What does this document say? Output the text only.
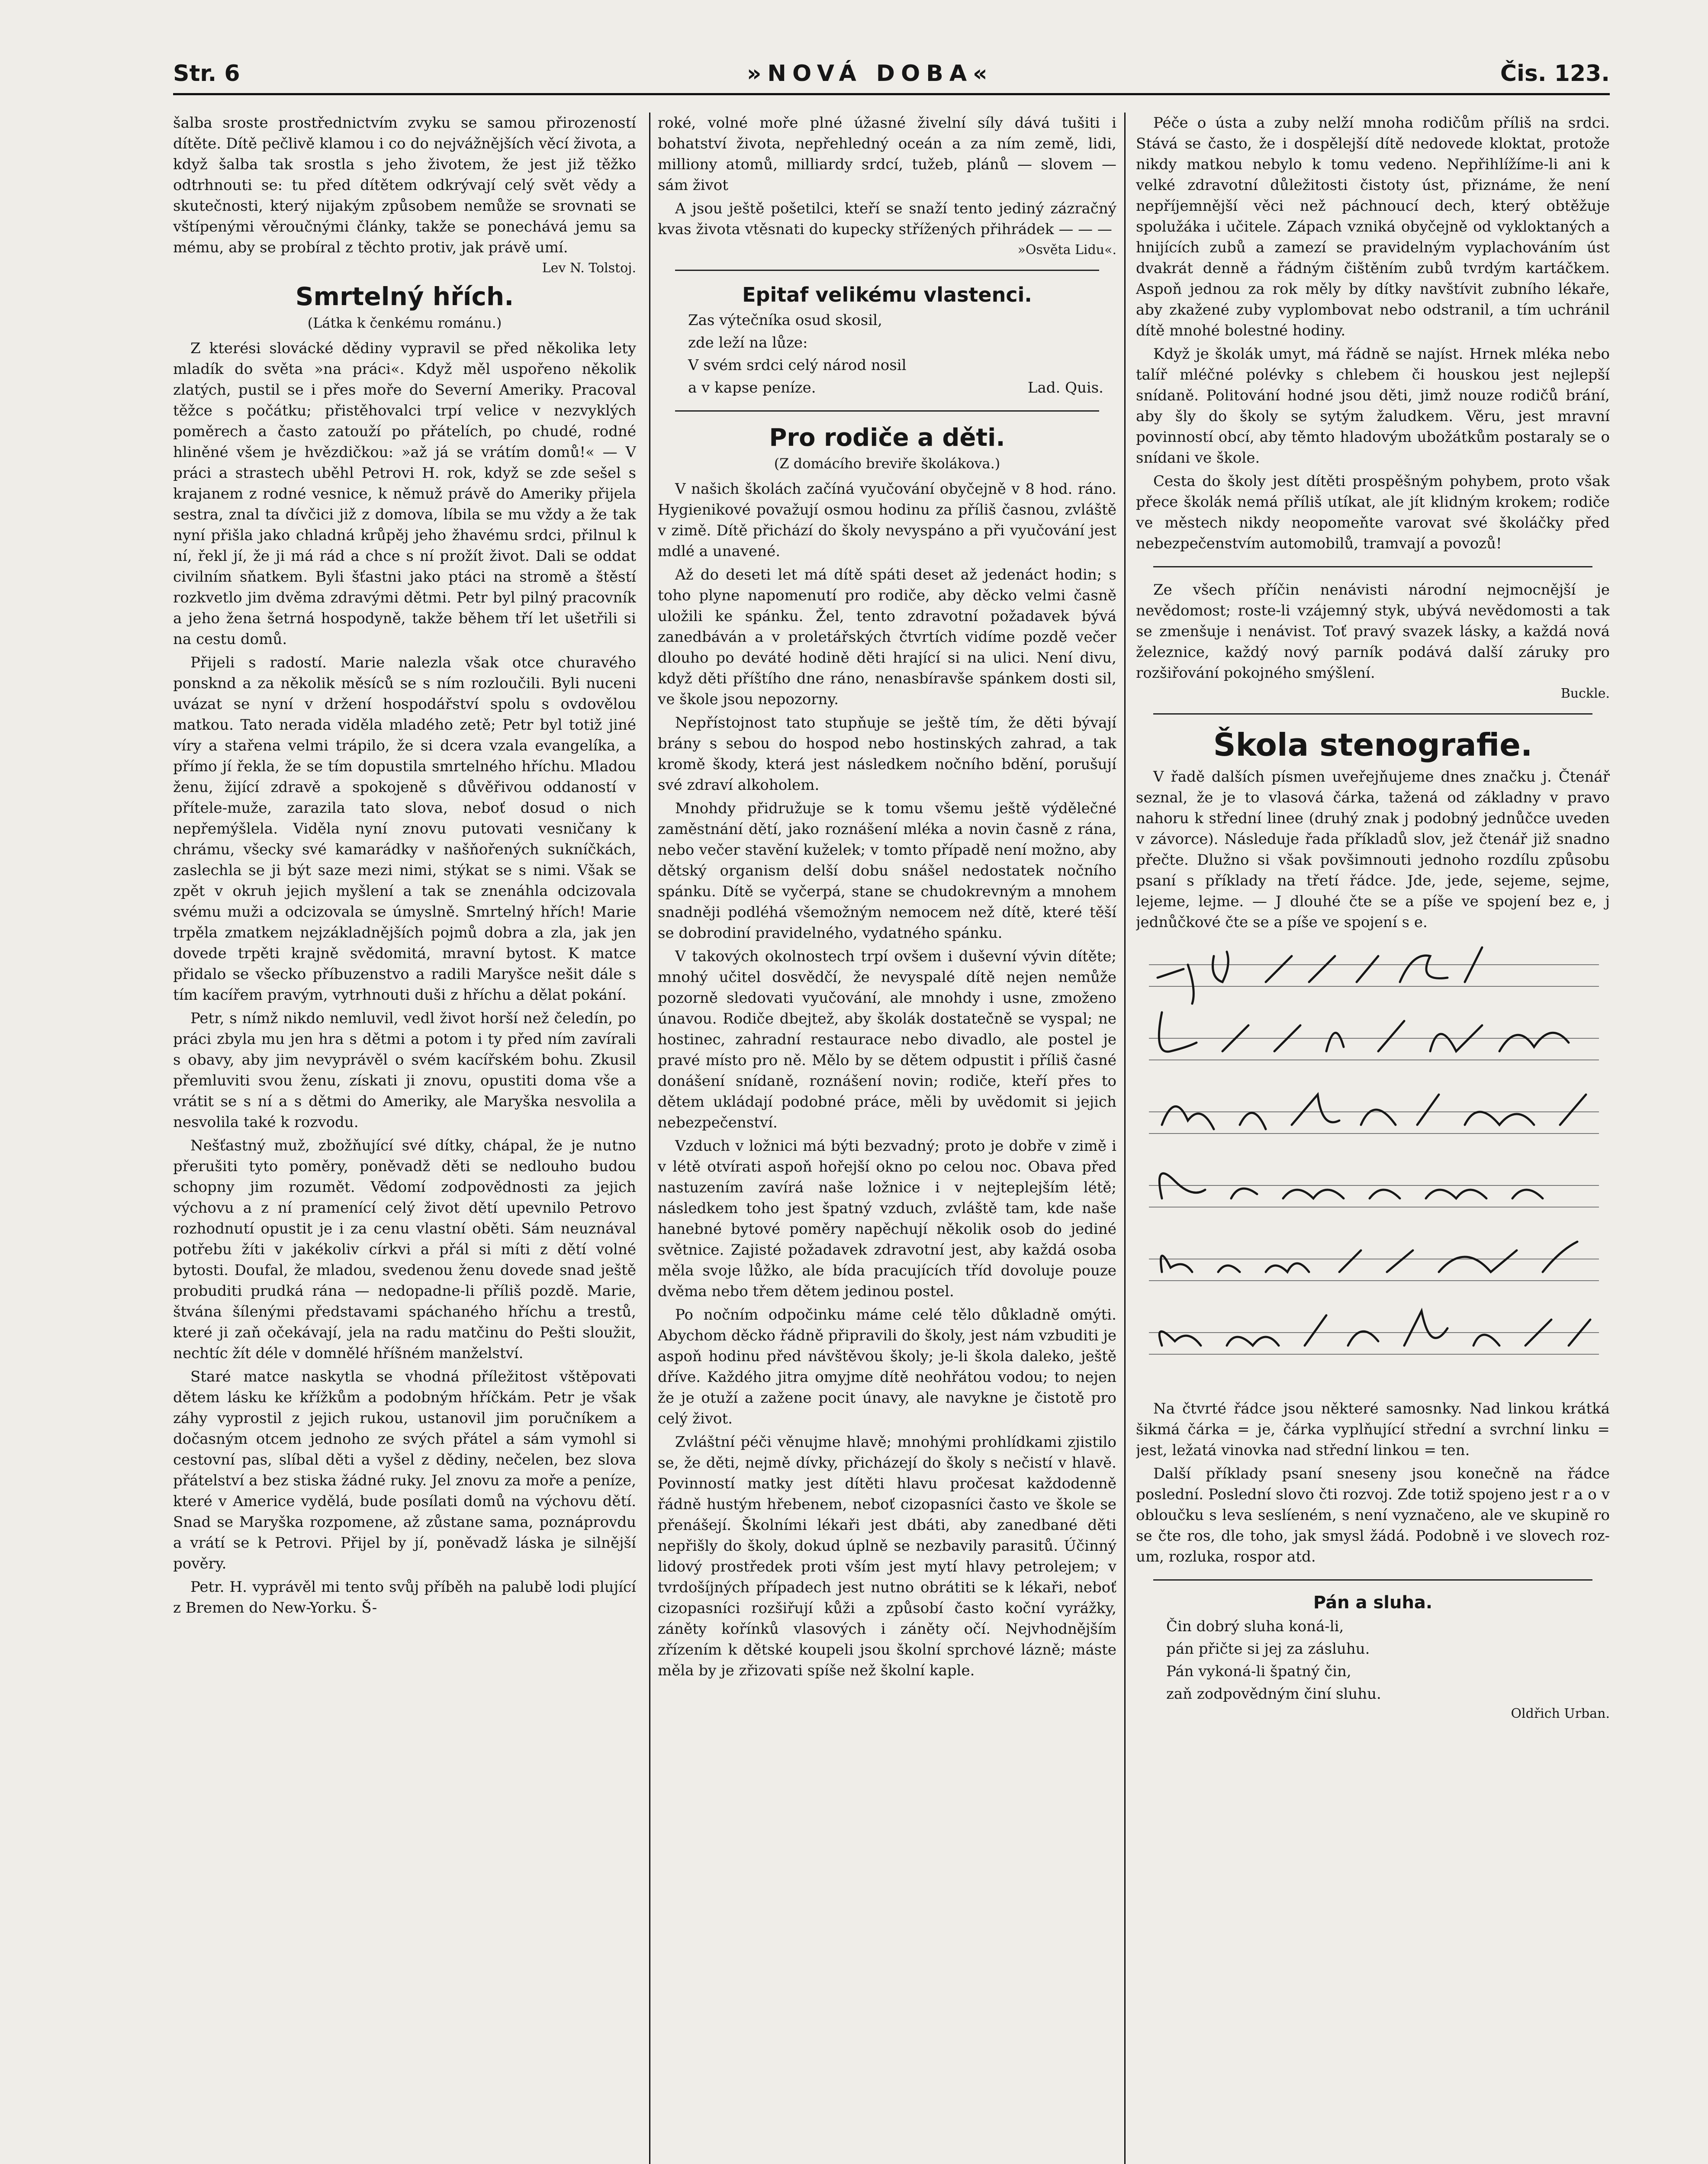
Str. 6	»NOVÁ DOBA«	Čis. 123.

šalba sroste prostřednictvím zvyku se samou přirozeností dítěte. Dítě pečlivě klamou i co do nejvážnějších věcí života, a když šalba tak srostla s jeho životem, že jest již těžko odtrhnouti se: tu před dítětem odkrývají celý svět vědy a skutečnosti, který nijakým způsobem nemůže se srovnati se vštípenými věroučnými články, takže se ponechává jemu sa mému, aby se probíral z těchto protiv, jak právě umí.

Lev N. Tolstoj.
Smrtelný hřích.
(Látka k čenkému románu.)

Z kterési slovácké dědiny vypravil se před několika lety mladík do světa »na práci«. Když měl uspořeno několik zlatých, pustil se i přes moře do Severní Ameriky. Pracoval těžce s počátku; přistěhovalci trpí velice v nezvyklých poměrech a často zatouží po přátelích, po chudé, rodné hliněné všem je hvězdičkou: »až já se vrátím domů!« — V práci a strastech uběhl Petrovi H. rok, když se zde sešel s krajanem z rodné vesnice, k němuž právě do Ameriky přijela sestra, znal ta dívčici již z domova, líbila se mu vždy a že tak nyní přišla jako chladná krůpěj jeho žhavému srdci, přilnul k ní, řekl jí, že ji má rád a chce s ní prožít život. Dali se oddat civilním sňatkem. Byli šťastni jako ptáci na stromě a štěstí rozkvetlo jim dvěma zdravými dětmi. Petr byl pilný pracovník a jeho žena šetrná hospodyně, takže během tří let ušetřili si na cestu domů.

Přijeli s radostí. Marie nalezla však otce churavého ponsknd a za několik měsíců se s ním rozloučili. Byli nuceni uvázat se nyní v držení hospodářství spolu s ovdovělou matkou. Tato nerada viděla mladého zetě; Petr byl totiž jiné víry a stařena velmi trápilo, že si dcera vzala evangelíka, a přímo jí řekla, že se tím dopustila smrtelného hříchu. Mladou ženu, žijící zdravě a spokojeně s důvěřivou oddaností v přítele-muže, zarazila tato slova, neboť dosud o nich nepřemýšlela. Viděla nyní znovu putovati vesničany k chrámu, všecky své kamarádky v našňořených sukníčkách, zaslechla se ji být saze mezi nimi, stýkat se s nimi. Však se zpět v okruh jejich myšlení a tak se znenáhla odcizovala svému muži a odcizovala se úmyslně. Smrtelný hřích! Marie trpěla zmatkem nejzákladnějších pojmů dobra a zla, jak jen dovede trpěti krajně svědomitá, mravní bytost. K matce přidalo se všecko příbuzenstvo a radili Maryšce nešit dále s tím kacířem pravým, vytrhnouti duši z hříchu a dělat pokání.

Petr, s nímž nikdo nemluvil, vedl život horší než čeledín, po práci zbyla mu jen hra s dětmi a potom i ty před ním zavírali s obavy, aby jim nevyprávěl o svém kacířském bohu. Zkusil přemluviti svou ženu, získati ji znovu, opustiti doma vše a vrátit se s ní a s dětmi do Ameriky, ale Maryška nesvolila a nesvolila také k rozvodu.

Nešťastný muž, zbožňující své dítky, chápal, že je nutno přerušiti tyto poměry, poněvadž děti se nedlouho budou schopny jim rozumět. Vědomí zodpovědnosti za jejich výchovu a z ní pramenící celý život dětí upevnilo Petrovo rozhodnutí opustit je i za cenu vlastní oběti. Sám neuznával potřebu žíti v jakékoliv církvi a přál si míti z dětí volné bytosti. Doufal, že mladou, svedenou ženu dovede snad ještě probuditi prudká rána — nedopadne-li příliš pozdě. Marie, štvána šílenými představami spáchaného hříchu a trestů, které ji zaň očekávají, jela na radu matčinu do Pešti sloužit, nechtíc žít déle v domnělé hříšném manželství.

Staré matce naskytla se vhodná příležitost vštěpovati dětem lásku ke křížkům a podobným hříčkám. Petr je však záhy vyprostil z jejich rukou, ustanovil jim poručníkem a dočasným otcem jednoho ze svých přátel a sám vymohl si cestovní pas, slíbal děti a vyšel z dědiny, nečelen, bez slova přátelství a bez stiska žádné ruky. Jel znovu za moře a peníze, které v Americe vydělá, bude posílati domů na výchovu dětí. Snad se Maryška rozpomene, až zůstane sama, poznáprovdu a vrátí se k Petrovi. Přijel by jí, poněvadž láska je silnější pověry.

Petr. H. vyprávěl mi tento svůj příběh na palubě lodi plující z Bremen do New-Yorku. Š-

roké, volné moře plné úžasné živelní síly dává tušiti i bohatství života, nepřehledný oceán a za ním země, lidi, milliony atomů, milliardy srdcí, tužeb, plánů — slovem — sám život

A jsou ještě pošetilci, kteří se snaží tento jediný zázračný kvas života vtěsnati do kupecky střížených přihrádek — — —

»Osvěta Lidu«.
Epitaf velikému vlastenci.
Zas výtečníka osud skosil,
zde leží na lůze:
V svém srdci celý národ nosil
a v kapse peníze.	Lad. Quis.
Pro rodiče a děti.
(Z domácího breviře školákova.)

V našich školách začíná vyučování obyčejně v 8 hod. ráno. Hygienikové považují osmou hodinu za příliš časnou, zvláště v zimě. Dítě přichází do školy nevyspáno a při vyučování jest mdlé a unavené.

Až do deseti let má dítě spáti deset až jedenáct hodin; s toho plyne napomenutí pro rodiče, aby děcko velmi časně uložili ke spánku. Žel, tento zdravotní požadavek bývá zanedbáván a v proletářských čtvrtích vidíme pozdě večer dlouho po deváté hodině děti hrající si na ulici. Není divu, když děti příštího dne ráno, nenasbíravše spánkem dosti sil, ve škole jsou nepozorny.

Nepřístojnost tato stupňuje se ještě tím, že děti bývají brány s sebou do hospod nebo hostinských zahrad, a tak kromě škody, která jest následkem nočního bdění, porušují své zdraví alkoholem.

Mnohdy přidružuje se k tomu všemu ještě výdělečné zaměstnání dětí, jako roznášení mléka a novin časně z rána, nebo večer stavění kuželek; v tomto případě není možno, aby dětský organism delší dobu snášel nedostatek nočního spánku. Dítě se vyčerpá, stane se chudokrevným a mnohem snadněji podléhá všemožným nemocem než dítě, které těší se dobrodiní pravidelného, vydatného spánku.

V takových okolnostech trpí ovšem i duševní vývin dítěte; mnohý učitel dosvědčí, že nevyspalé dítě nejen nemůže pozorně sledovati vyučování, ale mnohdy i usne, zmoženo únavou. Rodiče dbejtež, aby školák dostatečně se vyspal; ne hostinec, zahradní restaurace nebo divadlo, ale postel je pravé místo pro ně. Mělo by se dětem odpustit i příliš časné donášení snídaně, roznášení novin; rodiče, kteří přes to dětem ukládají podobné práce, měli by uvědomit si jejich nebezpečenství.

Vzduch v ložnici má býti bezvadný; proto je dobře v zimě i v létě otvírati aspoň hořejší okno po celou noc. Obava před nastuzením zavírá naše ložnice i v nejteplejším létě; následkem toho jest špatný vzduch, zvláště tam, kde naše hanebné bytové poměry napěchují několik osob do jediné světnice. Zajisté požadavek zdravotní jest, aby každá osoba měla svoje lůžko, ale bída pracujících tříd dovoluje pouze dvěma nebo třem dětem jedinou postel.

Po nočním odpočinku máme celé tělo důkladně omýti. Abychom děcko řádně připravili do školy, jest nám vzbuditi je aspoň hodinu před návštěvou školy; je-li škola daleko, ještě dříve. Každého jitra omyjme dítě neohřátou vodou; to nejen že je otuží a zažene pocit únavy, ale navykne je čistotě pro celý život.

Zvláštní péči věnujme hlavě; mnohými prohlídkami zjistilo se, že děti, nejmě dívky, přicházejí do školy s nečistí v hlavě. Povinností matky jest dítěti hlavu pročesat každodenně řádně hustým hřebenem, neboť cizopasníci často ve škole se přenášejí. Školními lékaři jest dbáti, aby zanedbané děti nepřišly do školy, dokud úplně se nezbavily parasitů. Účinný lidový prostředek proti vším jest mytí hlavy petrolejem; v tvrdošíjných případech jest nutno obrátiti se k lékaři, neboť cizopasníci rozšiřují kůži a způsobí často koční vyrážky, záněty kořínků vlasových i záněty očí. Nejvhodnějším zřízením k dětské koupeli jsou školní sprchové lázně; máste měla by je zřizovati spíše než školní kaple.

Péče o ústa a zuby nelží mnoha rodičům příliš na srdci. Stává se často, že i dospělejší dítě nedovede kloktat, protože nikdy matkou nebylo k tomu vedeno. Nepřihlížíme-li ani k velké zdravotní důležitosti čistoty úst, přiznáme, že není nepříjemnější věci než páchnoucí dech, který obtěžuje spolužáka i učitele. Zápach vzniká obyčejně od vykloktaných a hnijících zubů a zamezí se pravidelným vyplachováním úst dvakrát denně a řádným čištěním zubů tvrdým kartáčkem. Aspoň jednou za rok měly by dítky navštívit zubního lékaře, aby zkažené zuby vyplombovat nebo odstranil, a tím uchránil dítě mnohé bolestné hodiny.

Když je školák umyt, má řádně se najíst. Hrnek mléka nebo talíř mléčné polévky s chlebem či houskou jest nejlepší snídaně. Politování hodné jsou děti, jimž nouze rodičů brání, aby šly do školy se sytým žaludkem. Věru, jest mravní povinností obcí, aby těmto hladovým ubožátkům postaraly se o snídani ve škole.

Cesta do školy jest dítěti prospěšným pohybem, proto však přece školák nemá příliš utíkat, ale jít klidným krokem; rodiče ve městech nikdy neopomeňte varovat své školáčky před nebezpečenstvím automobilů, tramvají a povozů!

Ze všech příčin nenávisti národní nejmocnější je nevědomost; roste-li vzájemný styk, ubývá nevědomosti a tak se zmenšuje i nenávist. Toť pravý svazek lásky, a každá nová železnice, každý nový parník podává další záruky pro rozšiřování pokojného smýšlení.

Buckle.
Škola stenografie.

V řadě dalších písmen uveřejňujeme dnes značku j. Čtenář seznal, že je to vlasová čárka, tažená od základny v pravo nahoru k střední linee (druhý znak j podobný jednůčce uveden v závorce). Následuje řada příkladů slov, jež čtenář již snadno přečte. Dlužno si však povšimnouti jednoho rozdílu způsobu psaní s příklady na třetí řádce. Jde, jede, sejeme, sejme, lejeme, lejme. — J dlouhé čte se a píše ve spojení bez e, j jednůčkové čte se a píše ve spojení s e.

Na čtvrté řádce jsou některé samosnky. Nad linkou krátká šikmá čárka = je, čárka vyplňující střední a svrchní linku = jest, ležatá vinovka nad střední linkou = ten.

Další příklady psaní sneseny jsou konečně na řádce poslední. Poslední slovo čti rozvoj. Zde totiž spojeno jest r a o v obloučku s leva seslíeném, s není vyznačeno, ale ve skupině ro se čte ros, dle toho, jak smysl žádá. Podobně i ve slovech roz-um, rozluka, rospor atd.

Pán a sluha.
Čin dobrý sluha koná-li,
pán přičte si jej za zásluhu.
Pán vykoná-li špatný čin,
zaň zodpovědným činí sluhu.
Oldřich Urban.
